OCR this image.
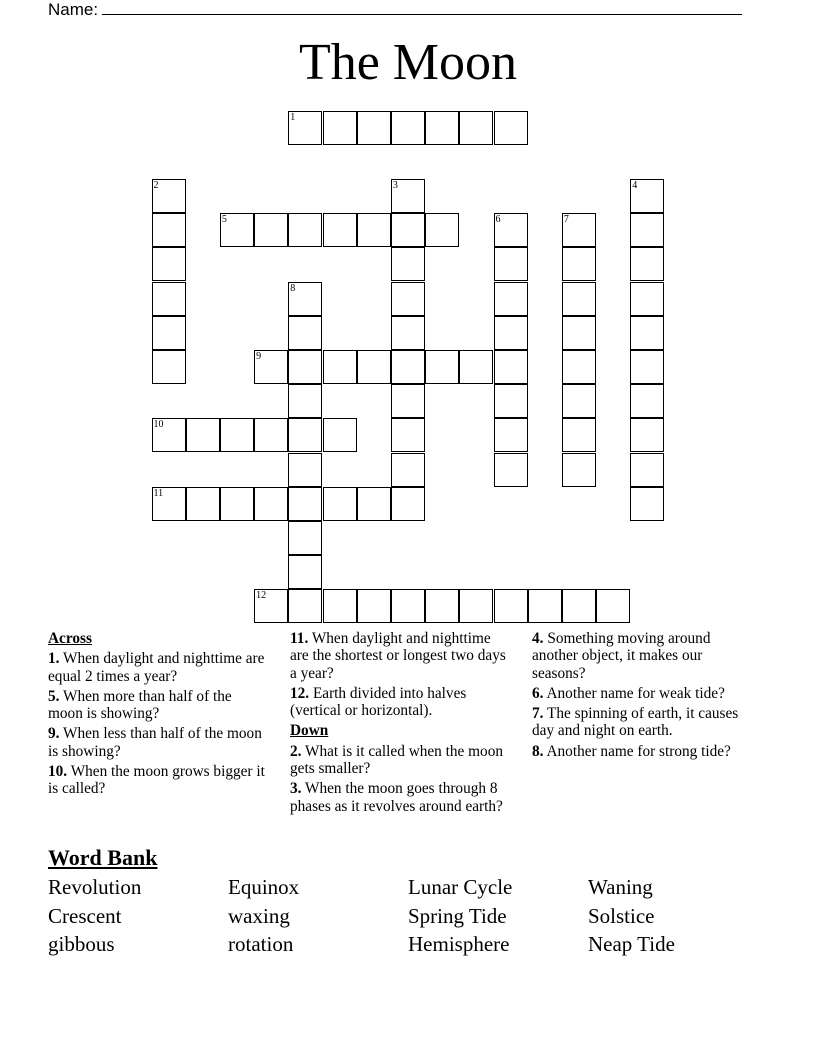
Name:
The Moon
1
2	3	4
5	6	7
8
9
10
11
12
Across
1. When daylight and nighttime are equal 2 times a year?
5. When more than half of the moon is showing?
9. When less than half of the moon is showing?
10. When the moon grows bigger it is called?
11. When daylight and nighttime are the shortest or longest two days a year?
12. Earth divided into halves (vertical or horizontal).
Down
2. What is it called when the moon gets smaller?
3. When the moon goes through 8 phases as it revolves around earth?
4. Something moving around another object, it makes our seasons?
6. Another name for weak tide?
7. The spinning of earth, it causes day and night on earth.
8. Another name for strong tide?
Word Bank
Revolution	Equinox	Lunar Cycle	Waning
Crescent	waxing	Spring Tide	Solstice
gibbous	rotation	Hemisphere	Neap Tide
